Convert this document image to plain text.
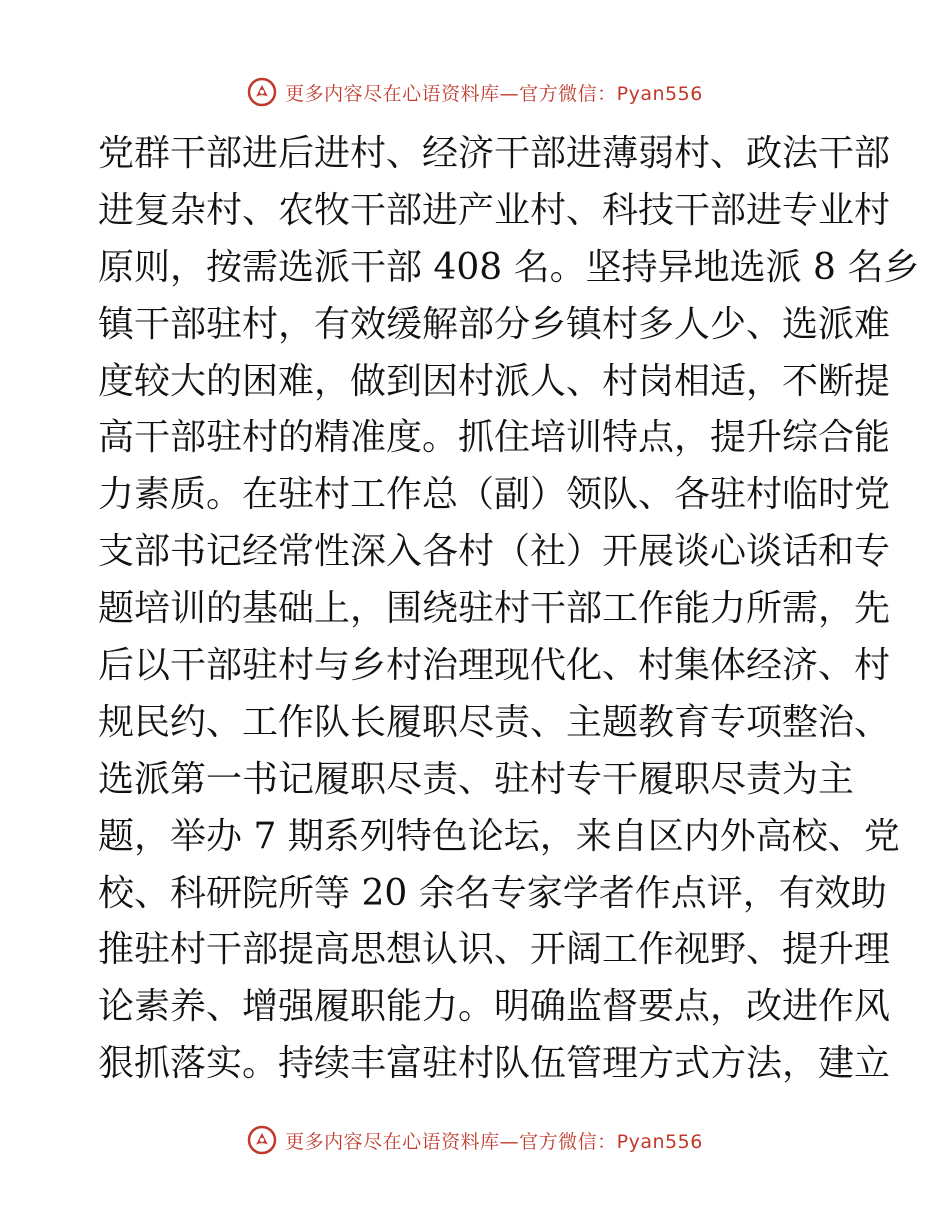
更多内容尽在心语资料库—官方微信：Pyan556
党群干部进后进村、经济干部进薄弱村、政法干部
进复杂村、农牧干部进产业村、科技干部进专业村
原则，按需选派干部 408 名。坚持异地选派 8 名乡
镇干部驻村，有效缓解部分乡镇村多人少、选派难
度较大的困难，做到因村派人、村岗相适，不断提
高干部驻村的精准度。抓住培训特点，提升综合能
力素质。在驻村工作总（副）领队、各驻村临时党
支部书记经常性深入各村（社）开展谈心谈话和专
题培训的基础上，围绕驻村干部工作能力所需，先
后以干部驻村与乡村治理现代化、村集体经济、村
规民约、工作队长履职尽责、主题教育专项整治、
选派第一书记履职尽责、驻村专干履职尽责为主
题，举办 7 期系列特色论坛，来自区内外高校、党
校、科研院所等 20 余名专家学者作点评，有效助
推驻村干部提高思想认识、开阔工作视野、提升理
论素养、增强履职能力。明确监督要点，改进作风
狠抓落实。持续丰富驻村队伍管理方式方法，建立
更多内容尽在心语资料库—官方微信：Pyan556
